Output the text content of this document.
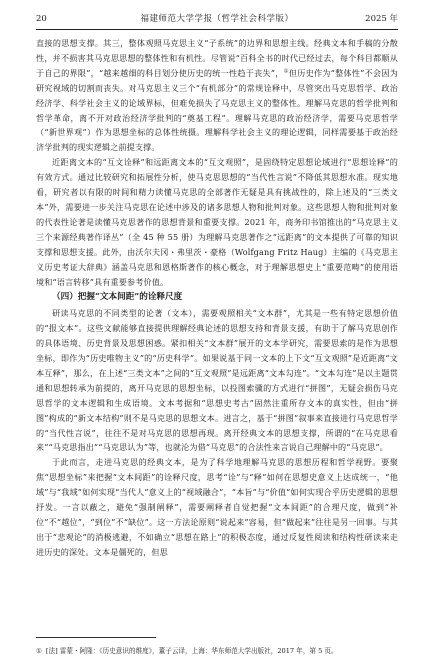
20	福建师范大学学报（哲学社会科学版）	2025 年

直接的思想支撑。其三，整体观照马克思主义“子系统”的边界和思想主线。经典文本和手稿的分散性，并不损害其马克思思想的整体性和有机性。尽管说“百科全书的时代已经过去，每个科目都顺从于自己的界限”，“越来越细的科目划分使历史的统一性趋于丧失”，①但历史作为“整体性”不会因为研究视域的切割而丧失。对马克思主义三个“有机部分”的常规诠释中，尽管突出马克思哲学、政治经济学、科学社会主义的论域界标，但难免损失了马克思主义的整体性。理解马克思的哲学批判和哲学革命，离不开对政治经济学批判的“奠基工程”。理解马克思的政治经济学，需要马克思哲学（“新世界观”）作为思想坐标的总体性统摄。理解科学社会主义的理论逻辑，同样需要基于政治经济学批判的现实逻辑之前提支撑。

近距离文本的“互文诠释”和远距离文本的“互文观照”，是固绕特定思想论域进行“思想诠释”的有效方式。通过比较研究和拓展性分析，使马克思思想的“当代性言说”不降低其思想水准。现实地看，研究者以有限的时间和精力读懂马克思的全部著作无疑是具有挑战性的，除上述及的“三类文本”外，需要进一步关注马克思在论述中涉及的诸多思想人物和批判对象。这些思想人物和批判对象的代表性论著是读懂马克思著作的思想背景和重要支撑。2021 年，商务印书馆推出的“马克思主义三个来源经典著作译丛”（全 45 种 55 册）为理解马克思著作之“远距离”的文本提供了可靠的知识支撑和思想支援。此外，由沃尔夫冈・弗里茨・豪格（Wolfgang Fritz Haug）主编的《马克思主义历史考证大辞典》涵盖马克思和恩格斯著作的核心概念，对于理解思想史上“重要范畴”的使用语境和“语言转移”具有重要参考价值。

（四）把握“文本间距”的诠释尺度

研读马克思的不同类型的论著（文本），需要观照相关“文本群”，尤其是一些有特定思想价值的“报文本”。这些文献能够直接提供理解经典论述的思想支持和背景支援，有助于了解马克思创作的具体语境、历史背景及思想困惑。紧扣相关“文本群”展开的文本学研究，需要思索的是作为思想坐标，即作为“历史唯物主义”的“历史科学”。如果说基于同一文本的上下文“互文观照”是近距离“文本互释”，那么，在上述“三类文本”之间的“互文观照”是远距离“文本勾连”。“文本勾连”是以主题贯通和思想转承为前提的，离开马克思的思想坐标，以投图索骥的方式进行“拼图”，无疑会损伤马克思哲学的文本逻辑和生成语境。文本考据和“思想史考古”固然注重所存文本的真实性，但由“拼图”构成的“新文本结构”则不是马克思的思想文本。进言之，基于“拼图”叙事来直接进行马克思哲学的“当代性言说”，往往不是对马克思的思想再现。离开经典文本的思想支撑，所谓的“在马克思看来”“马克思指出”“马克思认为”等，也就沦为借“马克思”的合法性来言说自己理解中的“马克思”。

于此而言，走进马克思的经典文本，是为了科学地理解马克思的思想历程和哲学视野。要聚焦“思想坐标”来把握“文本间距”的诠释尺度，思考“诠”与“释”如何在思想史意义上达成统一，“他域”与“我域”如何实现“当代人”意义上的“视域融合”，“本旨”与“价值”如何实现合乎历史逻辑的思想抒发。一言以蔽之，避免“强制阐释”，需要阐释者自觉把握“文本间距”的合理尺度，做到“补位”不“越位”，“到位”不“缺位”。这一方法论原则“说起来”容易，但“做起来”往往是另一回事。与其出于“悲观论”的消极逃避，不如确立“思想在路上”的积极态度，通过反复性阅读和结构性研读来走进历史的深处。文本是僵死的，但思

① [法] 雷蒙・阿隆：《历史意识的维度》，董子云译，上海：华东师范大学出版社，2017 年，第 5 页。
